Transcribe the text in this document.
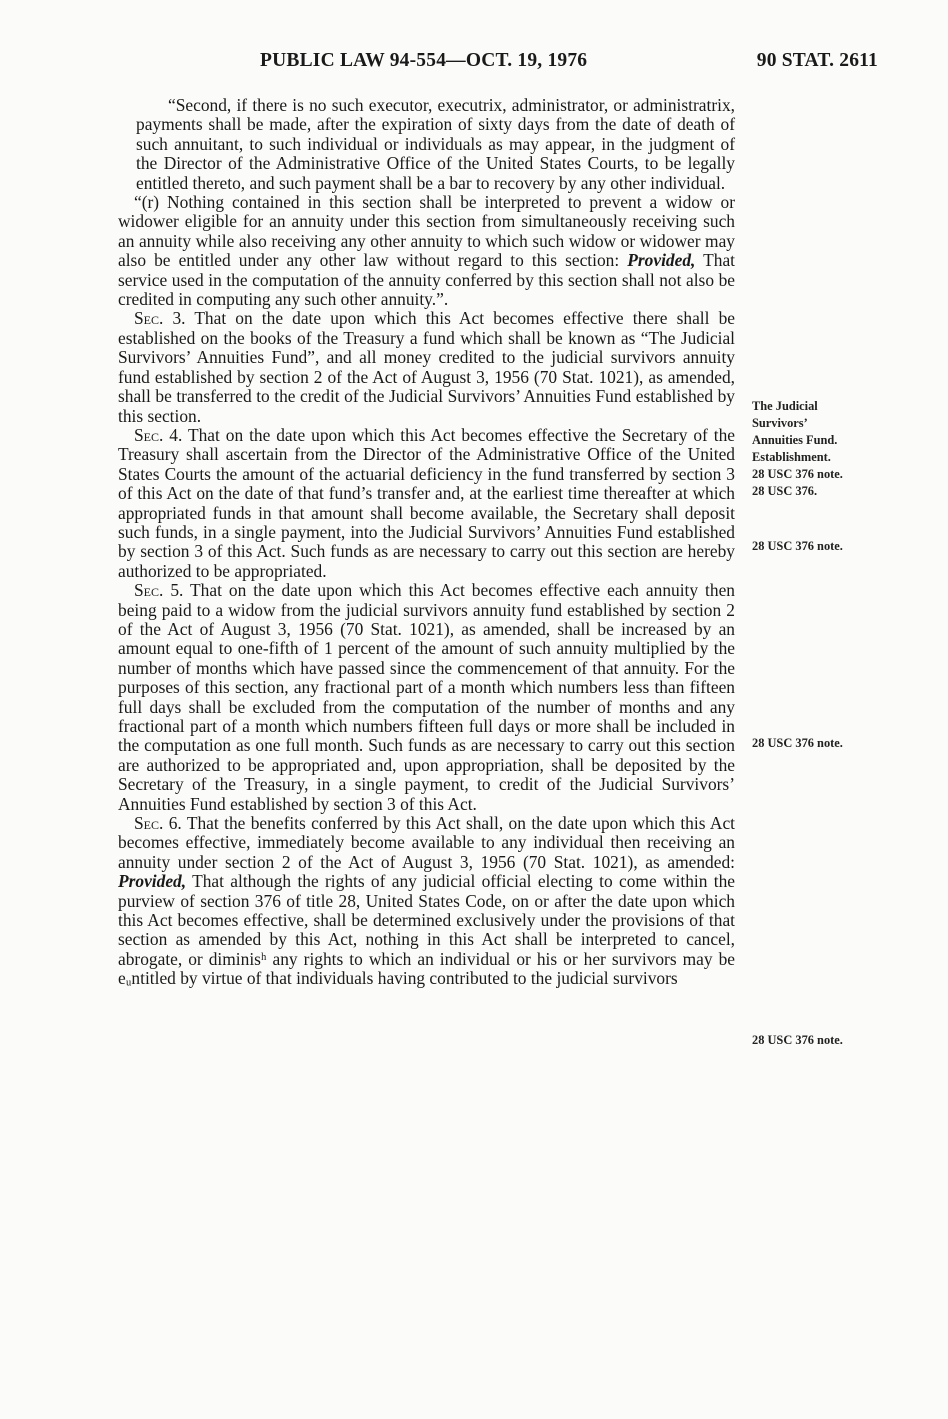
PUBLIC LAW 94-554—OCT. 19, 1976	90 STAT. 2611

“Second, if there is no such executor, executrix, administrator, or administratrix, payments shall be made, after the expiration of sixty days from the date of death of such annuitant, to such individual or individuals as may appear, in the judgment of the Director of the Administrative Office of the United States Courts, to be legally entitled thereto, and such payment shall be a bar to recovery by any other individual.

“(r) Nothing contained in this section shall be interpreted to prevent a widow or widower eligible for an annuity under this section from simultaneously receiving such an annuity while also receiving any other annuity to which such widow or widower may also be entitled under any other law without regard to this section: Provided, That service used in the computation of the annuity conferred by this section shall not also be credited in computing any such other annuity.”.

Sec. 3. That on the date upon which this Act becomes effective there shall be established on the books of the Treasury a fund which shall be known as “The Judicial Survivors’ Annuities Fund”, and all money credited to the judicial survivors annuity fund established by section 2 of the Act of August 3, 1956 (70 Stat. 1021), as amended, shall be transferred to the credit of the Judicial Survivors’ Annuities Fund established by this section.

Sec. 4. That on the date upon which this Act becomes effective the Secretary of the Treasury shall ascertain from the Director of the Administrative Office of the United States Courts the amount of the actuarial deficiency in the fund transferred by section 3 of this Act on the date of that fund’s transfer and, at the earliest time thereafter at which appropriated funds in that amount shall become available, the Secretary shall deposit such funds, in a single payment, into the Judicial Survivors’ Annuities Fund established by section 3 of this Act. Such funds as are necessary to carry out this section are hereby authorized to be appropriated.

Sec. 5. That on the date upon which this Act becomes effective each annuity then being paid to a widow from the judicial survivors annuity fund established by section 2 of the Act of August 3, 1956 (70 Stat. 1021), as amended, shall be increased by an amount equal to one-fifth of 1 percent of the amount of such annuity multiplied by the number of months which have passed since the commencement of that annuity. For the purposes of this section, any fractional part of a month which numbers less than fifteen full days shall be excluded from the computation of the number of months and any fractional part of a month which numbers fifteen full days or more shall be included in the computation as one full month. Such funds as are necessary to carry out this section are authorized to be appropriated and, upon appropriation, shall be deposited by the Secretary of the Treasury, in a single payment, to credit of the Judicial Survivors’ Annuities Fund established by section 3 of this Act.

Sec. 6. That the benefits conferred by this Act shall, on the date upon which this Act becomes effective, immediately become available to any individual then receiving an annuity under section 2 of the Act of August 3, 1956 (70 Stat. 1021), as amended: Provided, That although the rights of any judicial official electing to come within the purview of section 376 of title 28, United States Code, on or after the date upon which this Act becomes effective, shall be determined exclusively under the provisions of that section as amended by this Act, nothing in this Act shall be interpreted to cancel, abrogate, or diminisʰ any rights to which an individual or his or her survivors may be eᵤntitled by virtue of that individuals having contributed to the judicial survivors

The Judicial
Survivors’
Annuities Fund.
Establishment.
28 USC 376 note.
28 USC 376.
28 USC 376 note.
28 USC 376 note.
28 USC 376 note.
